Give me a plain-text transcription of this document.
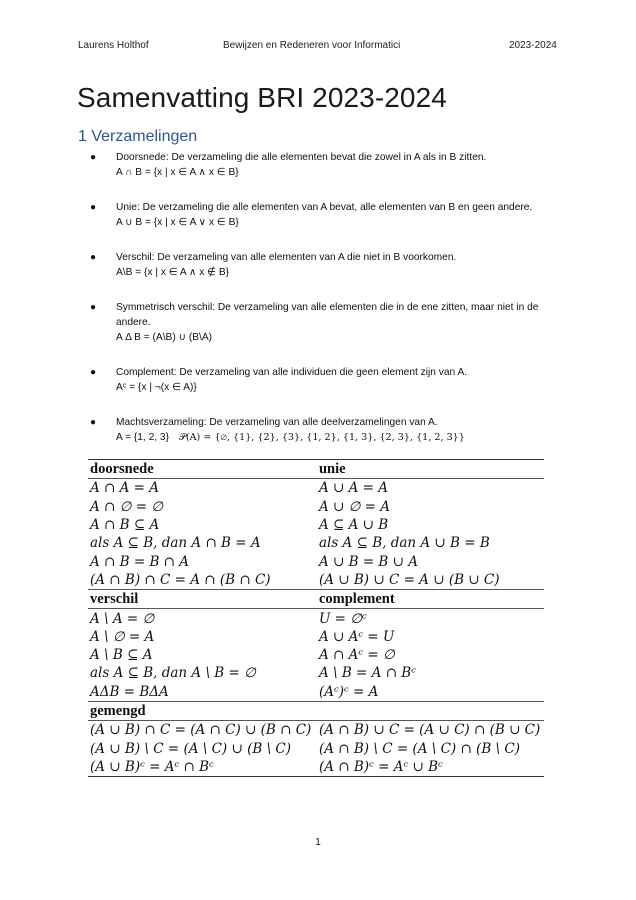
Laurens Holthof	Bewijzen en Redeneren voor Informatici	2023-2024
Samenvatting BRI 2023-2024
1 Verzamelingen
● Doorsnede: De verzameling die alle elementen bevat die zowel in A als in B zitten.
A ∩ B = {x | x ∈ A ∧ x ∈ B}
● Unie: De verzameling die alle elementen van A bevat, alle elementen van B en geen andere.
A ∪ B = {x | x ∈ A ∨ x ∈ B}
● Verschil: De verzameling van alle elementen van A die niet in B voorkomen.
A\B = {x | x ∈ A ∧ x ∉ B}
● Symmetrisch verschil: De verzameling van alle elementen die in de ene zitten, maar niet in de andere.
A Δ B = (A\B) ∪ (B\A)
● Complement: De verzameling van alle individuen die geen element zijn van A.
Aᶜ = {x | ¬(x ∈ A)}
● Machtsverzameling: De verzameling van alle deelverzamelingen van A.
A = {1, 2, 3} 𝒫(A) = {∅, {1}, {2}, {3}, {1, 2}, {1, 3}, {2, 3}, {1, 2, 3}}
doorsnede	unie
A ∩ A = A	A ∪ A = A
A ∩ ∅ = ∅	A ∪ ∅ = A
A ∩ B ⊆ A	A ⊆ A ∪ B
als A ⊆ B, dan A ∩ B = A	als A ⊆ B, dan A ∪ B = B
A ∩ B = B ∩ A	A ∪ B = B ∪ A
(A ∩ B) ∩ C = A ∩ (B ∩ C)	(A ∪ B) ∪ C = A ∪ (B ∪ C)
verschil	complement
A \ A = ∅	U = ∅ᶜ
A \ ∅ = A	A ∪ Aᶜ = U
A \ B ⊆ A	A ∩ Aᶜ = ∅
als A ⊆ B, dan A \ B = ∅	A \ B = A ∩ Bᶜ
AΔB = BΔA	(Aᶜ)ᶜ = A
gemengd	
(A ∪ B) ∩ C = (A ∩ C) ∪ (B ∩ C)	(A ∩ B) ∪ C = (A ∪ C) ∩ (B ∪ C)
(A ∪ B) \ C = (A \ C) ∪ (B \ C)	(A ∩ B) \ C = (A \ C) ∩ (B \ C)
(A ∪ B)ᶜ = Aᶜ ∩ Bᶜ	(A ∩ B)ᶜ = Aᶜ ∪ Bᶜ
1
